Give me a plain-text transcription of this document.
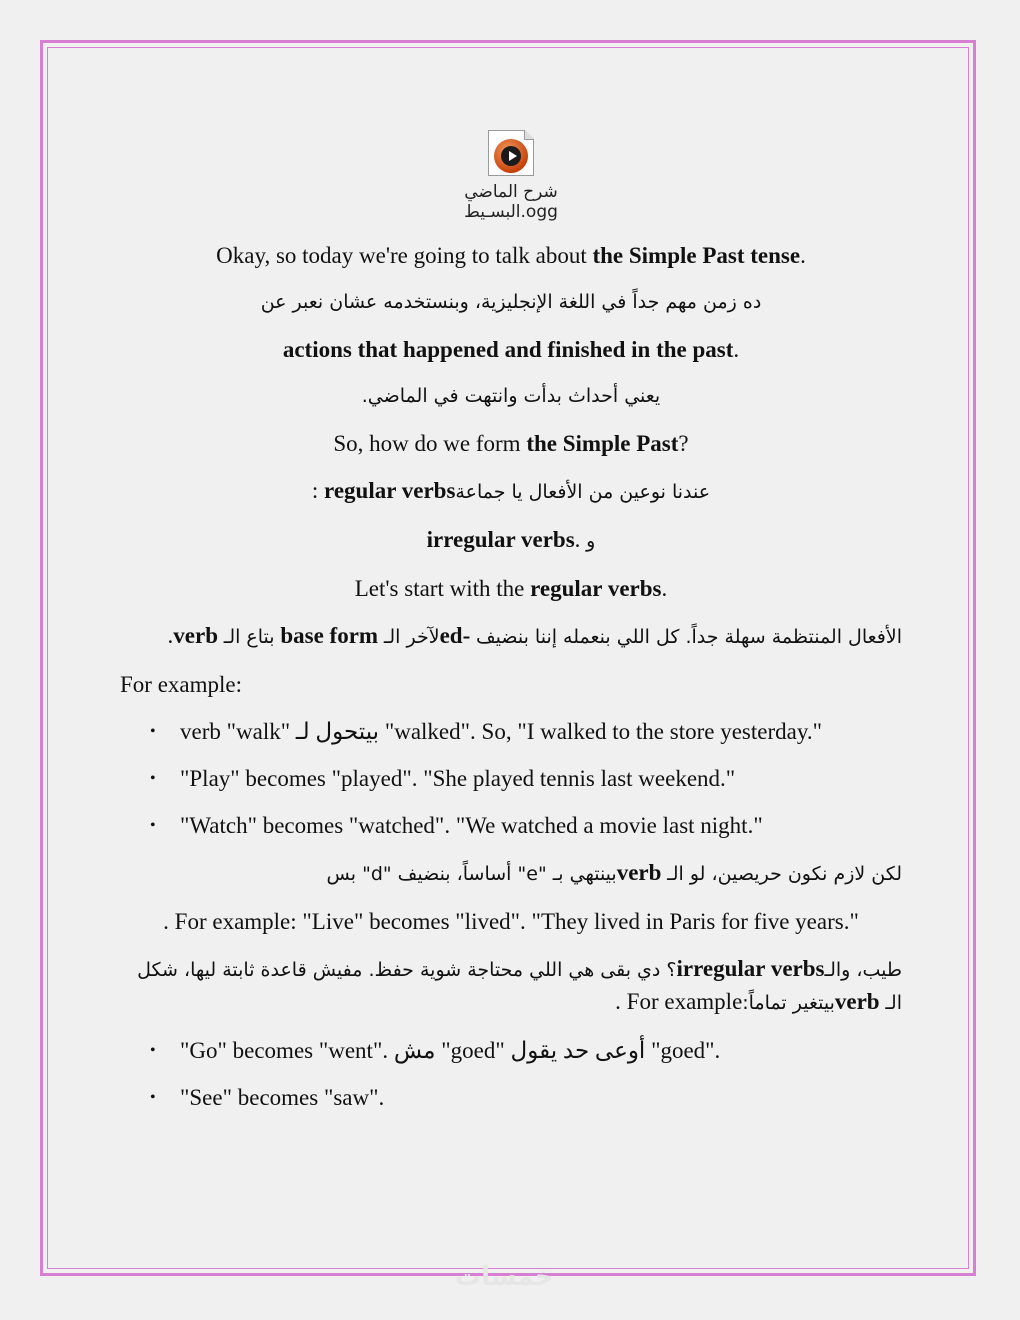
شرح الماضي
البسـيط.ogg

Okay, so today we're going to talk about the Simple Past tense.

ده زمن مهم جداً في اللغة الإنجليزية، وبنستخدمه عشان نعبر عن

actions that happened and finished in the past.

يعني أحداث بدأت وانتهت في الماضي.

So, how do we form the Simple Past?

: regular verbsعندنا نوعين من الأفعال يا جماعة

irregular verbs. و

Let's start with the regular verbs.

الأفعال المنتظمة سهلة جداً. كل اللي بنعمله إننا بنضيف ed-لآخر الـ base form بتاع الـ verb.

For example:

• verb "walk" بيتحول لـ "walked". So, "I walked to the store yesterday."
• "Play" becomes "played". "She played tennis last weekend."
• "Watch" becomes "watched". "We watched a movie last night."

لكن لازم نكون حريصين، لو الـ verbبينتهي بـ "e" أساساً، بنضيف "d" بس

. For example: "Live" becomes "lived". "They lived in Paris for five years."

طيب، والـirregular verbs؟ دي بقى هي اللي محتاجة شوية حفظ. مفيش قاعدة ثابتة ليها، شكل الـ verbبيتغير تماماً:For example .

• "Go" becomes "went". مش "goed" أوعى حد يقول "goed".
• "See" becomes "saw".
خمسات
